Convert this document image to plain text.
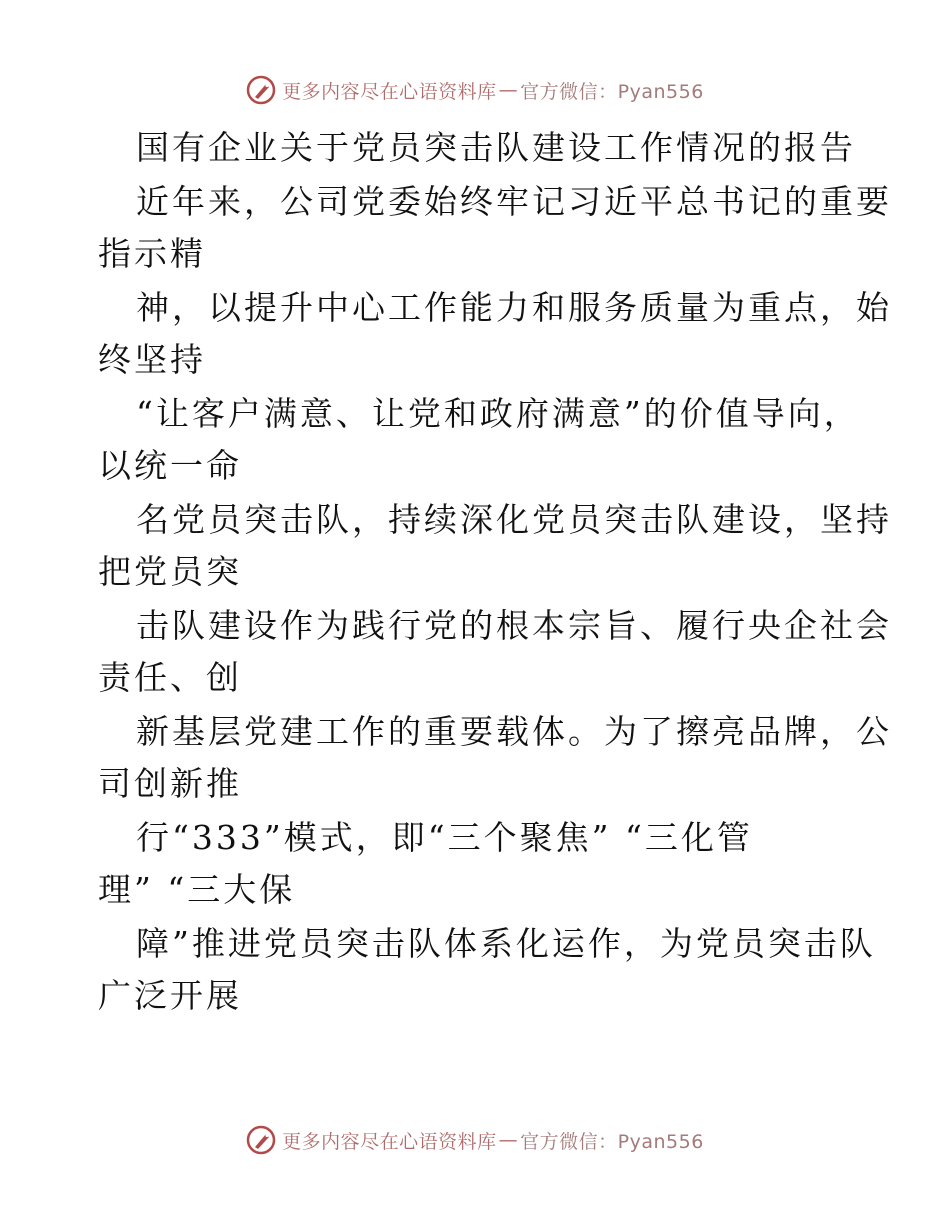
更多内容尽在心语资料库 — 官方微信：Pyan556
国有企业关于党员突击队建设工作情况的报告
近年来，公司党委始终牢记习近平总书记的重要
指示精
神，以提升中心工作能力和服务质量为重点，始
终坚持
“让客户满意、让党和政府满意”的价值导向，
以统一命
名党员突击队，持续深化党员突击队建设，坚持
把党员突
击队建设作为践行党的根本宗旨、履行央企社会
责任、创
新基层党建工作的重要载体。为了擦亮品牌，公
司创新推
行“333”模式，即“三个聚焦” “三化管
理” “三大保
障”推进党员突击队体系化运作，为党员突击队
广泛开展
更多内容尽在心语资料库 — 官方微信：Pyan556
